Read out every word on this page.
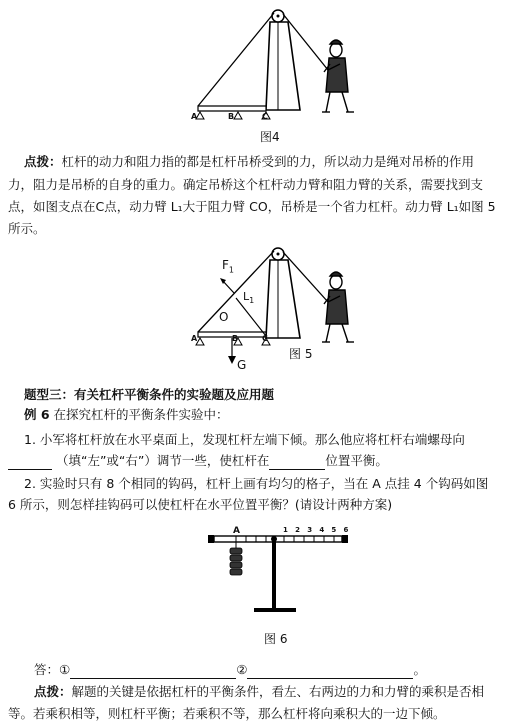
A	B	C
图4
点拨：杠杆的动力和阻力指的都是杠杆吊桥受到的力，所以动力是绳对吊桥的作用
力，阻力是吊桥的自身的重力。确定吊桥这个杠杆动力臂和阻力臂的关系，需要找到支
点，如图支点在C点，动力臂 L₁大于阻力臂 CO，吊桥是一个省力杠杆。动力臂 L₁如图 5
所示。
$F_1$
$L_1$
O
A	B	C
G
图 5
题型三：有关杠杆平衡条件的实验题及应用题
例 6 在探究杠杆的平衡条件实验中：
1. 小军将杠杆放在水平桌面上，发现杠杆左端下倾。那么他应将杠杆右端螺母向
（填“左”或“右”）调节一些，使杠杆在	位置平衡。
2. 实验时只有 8 个相同的钩码，杠杆上画有均匀的格子，当在 A 点挂 4 个钩码如图
6 所示，则怎样挂钩码可以使杠杆在水平位置平衡？(请设计两种方案)
A	1 2 3 4 5 6
图 6
答：①	②	。
点拨：解题的关键是依据杠杆的平衡条件，看左、右两边的力和力臂的乘积是否相
等。若乘积相等，则杠杆平衡；若乘积不等，那么杠杆将向乘积大的一边下倾。
